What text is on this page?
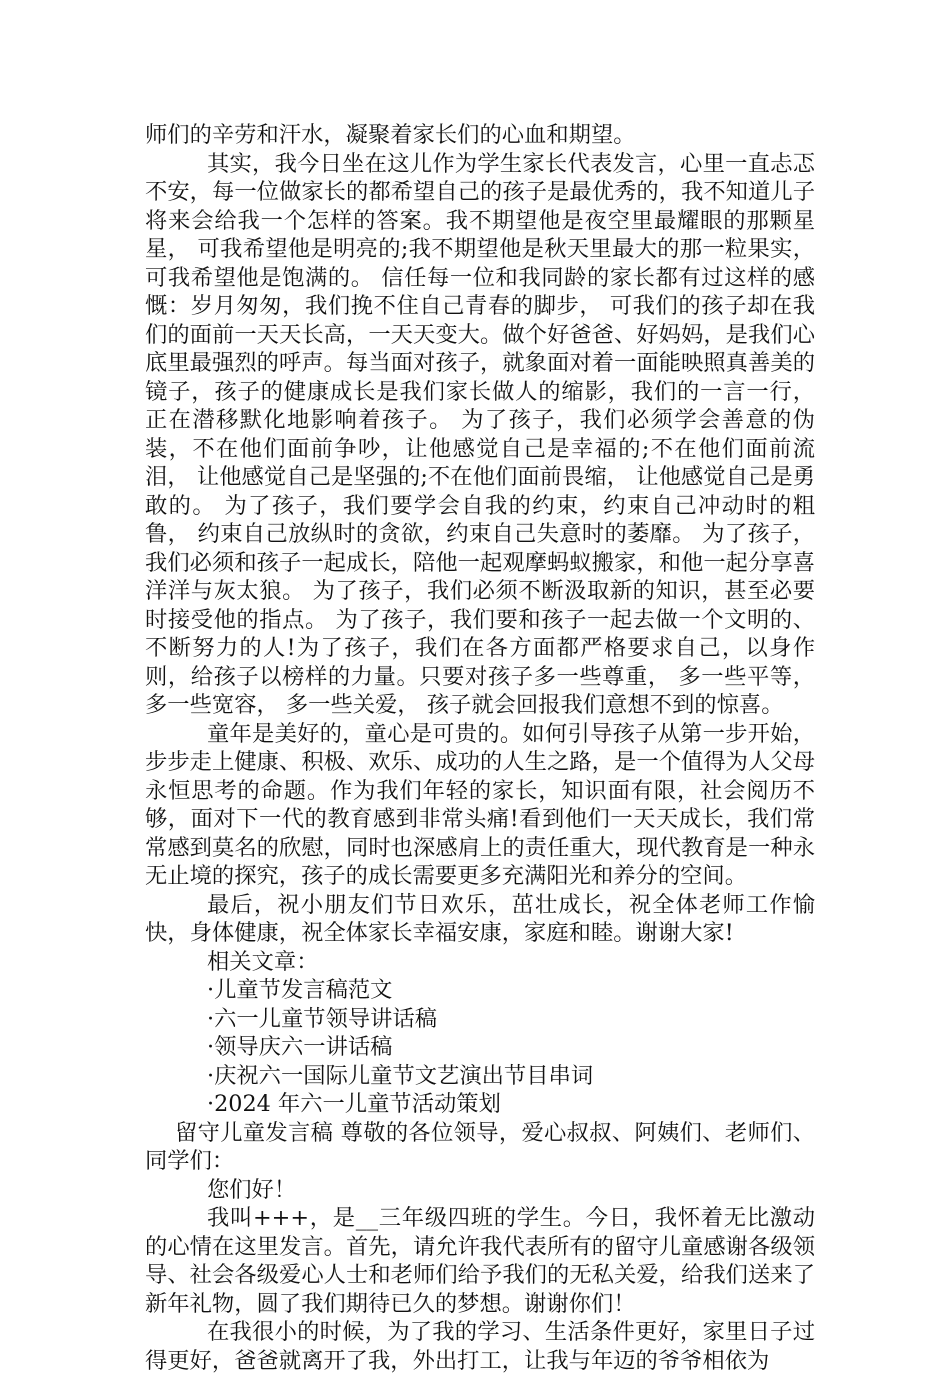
师们的辛劳和汗水，凝聚着家长们的心血和期望。

其实，我今日坐在这儿作为学生家长代表发言，心里一直忐忑不安，每一位做家长的都希望自己的孩子是最优秀的，我不知道儿子将来会给我一个怎样的答案。我不期望他是夜空里最耀眼的那颗星星， 可我希望他是明亮的;我不期望他是秋天里最大的那一粒果实，可我希望他是饱满的。 信任每一位和我同龄的家长都有过这样的感慨：岁月匆匆，我们挽不住自己青春的脚步， 可我们的孩子却在我们的面前一天天长高，一天天变大。做个好爸爸、好妈妈，是我们心底里最强烈的呼声。每当面对孩子，就象面对着一面能映照真善美的镜子，孩子的健康成长是我们家长做人的缩影，我们的一言一行， 正在潜移默化地影响着孩子。 为了孩子，我们必须学会善意的伪装，不在他们面前争吵，让他感觉自己是幸福的;不在他们面前流泪， 让他感觉自己是坚强的;不在他们面前畏缩， 让他感觉自己是勇敢的。 为了孩子，我们要学会自我的约束，约束自己冲动时的粗鲁， 约束自己放纵时的贪欲，约束自己失意时的萎靡。 为了孩子，我们必须和孩子一起成长，陪他一起观摩蚂蚁搬家，和他一起分享喜洋洋与灰太狼。 为了孩子，我们必须不断汲取新的知识，甚至必要时接受他的指点。 为了孩子，我们要和孩子一起去做一个文明的、不断努力的人!为了孩子，我们在各方面都严格要求自己，以身作则，给孩子以榜样的力量。只要对孩子多一些尊重， 多一些平等， 多一些宽容， 多一些关爱， 孩子就会回报我们意想不到的惊喜。

童年是美好的，童心是可贵的。如何引导孩子从第一步开始，步步走上健康、积极、欢乐、成功的人生之路，是一个值得为人父母永恒思考的命题。作为我们年轻的家长，知识面有限，社会阅历不够，面对下一代的教育感到非常头痛!看到他们一天天成长，我们常常感到莫名的欣慰，同时也深感肩上的责任重大，现代教育是一种永无止境的探究，孩子的成长需要更多充满阳光和养分的空间。

最后，祝小朋友们节日欢乐，茁壮成长，祝全体老师工作愉快，身体健康，祝全体家长幸福安康，家庭和睦。谢谢大家!

相关文章：

·儿童节发言稿范文

·六一儿童节领导讲话稿

·领导庆六一讲话稿

·庆祝六一国际儿童节文艺演出节目串词

·2024 年六一儿童节活动策划

留守儿童发言稿 尊敬的各位领导，爱心叔叔、阿姨们、老师们、同学们：

您们好！

我叫+++，是__三年级四班的学生。今日，我怀着无比激动的心情在这里发言。首先，请允许我代表所有的留守儿童感谢各级领导、社会各级爱心人士和老师们给予我们的无私关爱，给我们送来了新年礼物，圆了我们期待已久的梦想。谢谢你们！

在我很小的时候，为了我的学习、生活条件更好，家里日子过得更好，爸爸就离开了我，外出打工，让我与年迈的爷爷相依为
